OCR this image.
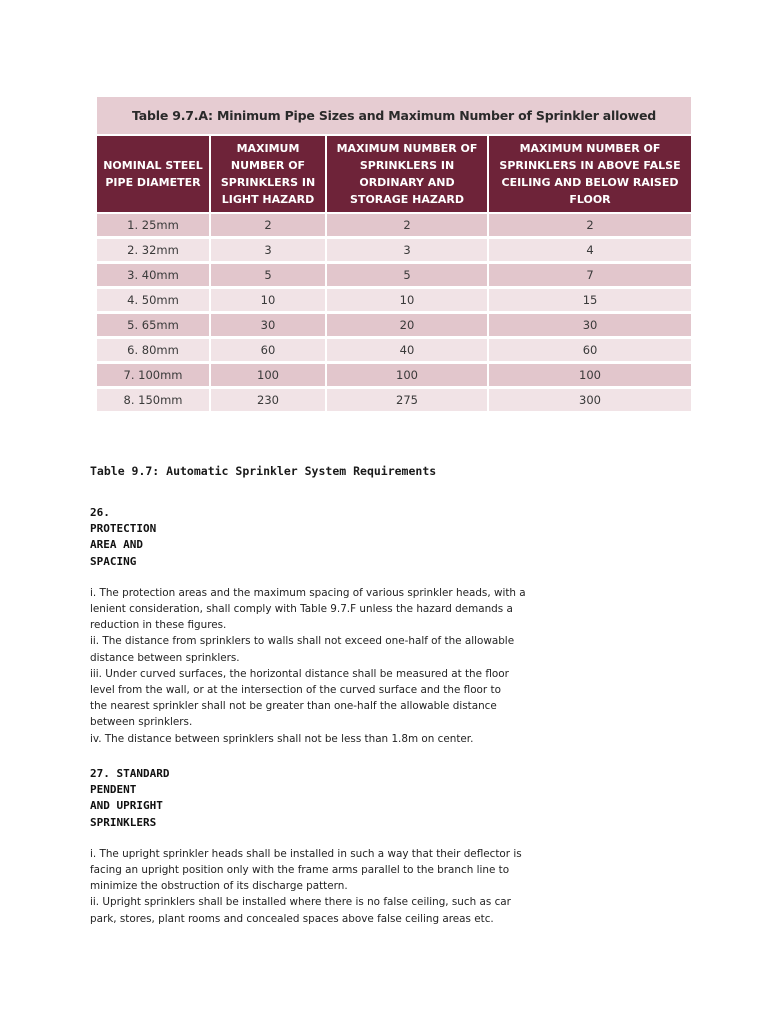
Table 9.7.A: Minimum Pipe Sizes and Maximum Number of Sprinkler allowed			
NOMINAL STEEL PIPE DIAMETER	MAXIMUM NUMBER OF SPRINKLERS IN LIGHT HAZARD	MAXIMUM NUMBER OF SPRINKLERS IN ORDINARY AND STORAGE HAZARD	MAXIMUM NUMBER OF SPRINKLERS IN ABOVE FALSE CEILING AND BELOW RAISED FLOOR
1. 25mm	2	2	2
2. 32mm	3	3	4
3. 40mm	5	5	7
4. 50mm	10	10	15
5. 65mm	30	20	30
6. 80mm	60	40	60
7. 100mm	100	100	100
8. 150mm	230	275	300
Table 9.7: Automatic Sprinkler System Requirements
26.
PROTECTION
AREA AND
SPACING
i. The protection areas and the maximum spacing of various sprinkler heads, with a
lenient consideration, shall comply with Table 9.7.F unless the hazard demands a
reduction in these figures.
ii. The distance from sprinklers to walls shall not exceed one-half of the allowable
distance between sprinklers.
iii. Under curved surfaces, the horizontal distance shall be measured at the floor
level from the wall, or at the intersection of the curved surface and the floor to
the nearest sprinkler shall not be greater than one-half the allowable distance
between sprinklers.
iv. The distance between sprinklers shall not be less than 1.8m on center.
27. STANDARD
PENDENT
AND UPRIGHT
SPRINKLERS
i. The upright sprinkler heads shall be installed in such a way that their deflector is
facing an upright position only with the frame arms parallel to the branch line to
minimize the obstruction of its discharge pattern.
ii. Upright sprinklers shall be installed where there is no false ceiling, such as car
park, stores, plant rooms and concealed spaces above false ceiling areas etc.
